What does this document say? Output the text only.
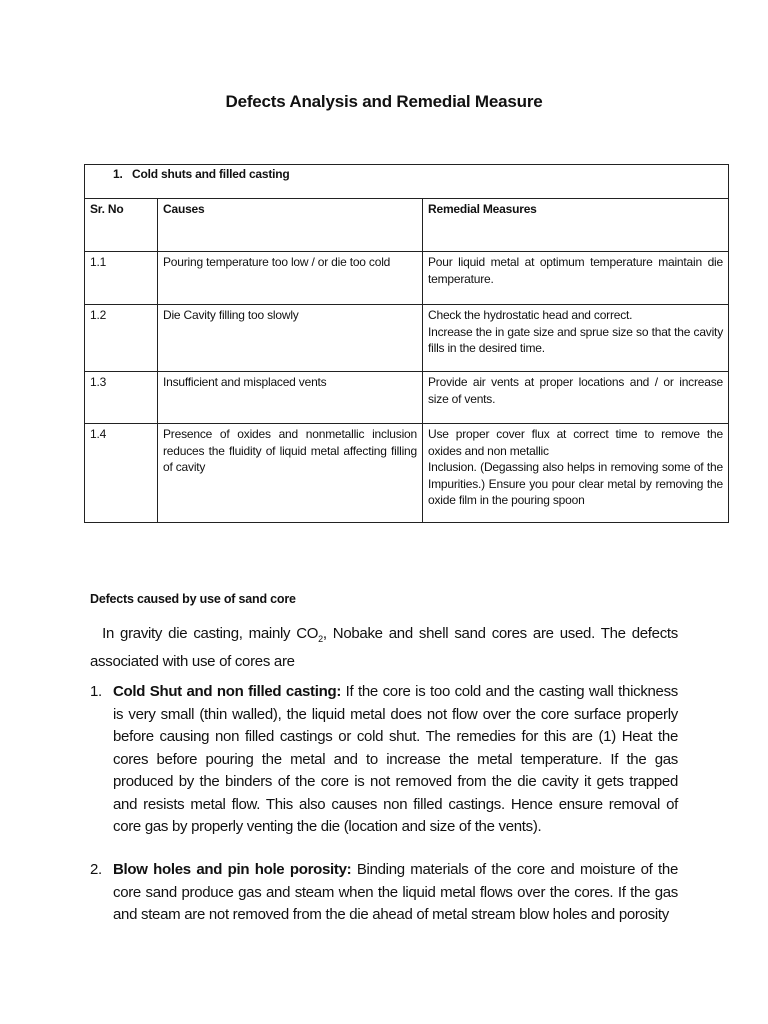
Defects Analysis and Remedial Measure
1. Cold shuts and filled casting		
Sr. No	Causes	Remedial Measures
1.1	Pouring temperature too low / or die too cold	Pour liquid metal at optimum temperature maintain die temperature.
1.2	Die Cavity filling too slowly	Check the hydrostatic head and correct.
Increase the in gate size and sprue size so that the cavity fills in the desired time.

1.3	Insufficient and misplaced vents	Provide air vents at proper locations and / or increase size of vents.
1.4	Presence of oxides and nonmetallic inclusion reduces the fluidity of liquid metal affecting filling of cavity	Use proper cover flux at correct time to remove the oxides and non metallic
Inclusion. (Degassing also helps in removing some of the Impurities.) Ensure you pour clear metal by removing the oxide film in the pouring spoon
Defects caused by use of sand core
In gravity die casting, mainly $CO_2$, Nobake and shell sand cores are used. The defects associated with use of cores are
1. Cold Shut and non filled casting: If the core is too cold and the casting wall thickness is very small (thin walled), the liquid metal does not flow over the core surface properly before causing non filled castings or cold shut. The remedies for this are (1) Heat the cores before pouring the metal and to increase the metal temperature. If the gas produced by the binders of the core is not removed from the die cavity it gets trapped and resists metal flow. This also causes non filled castings. Hence ensure removal of core gas by properly venting the die (location and size of the vents).
2. Blow holes and pin hole porosity: Binding materials of the core and moisture of the core sand produce gas and steam when the liquid metal flows over the cores. If the gas and steam are not removed from the die ahead of metal stream blow holes and porosity
